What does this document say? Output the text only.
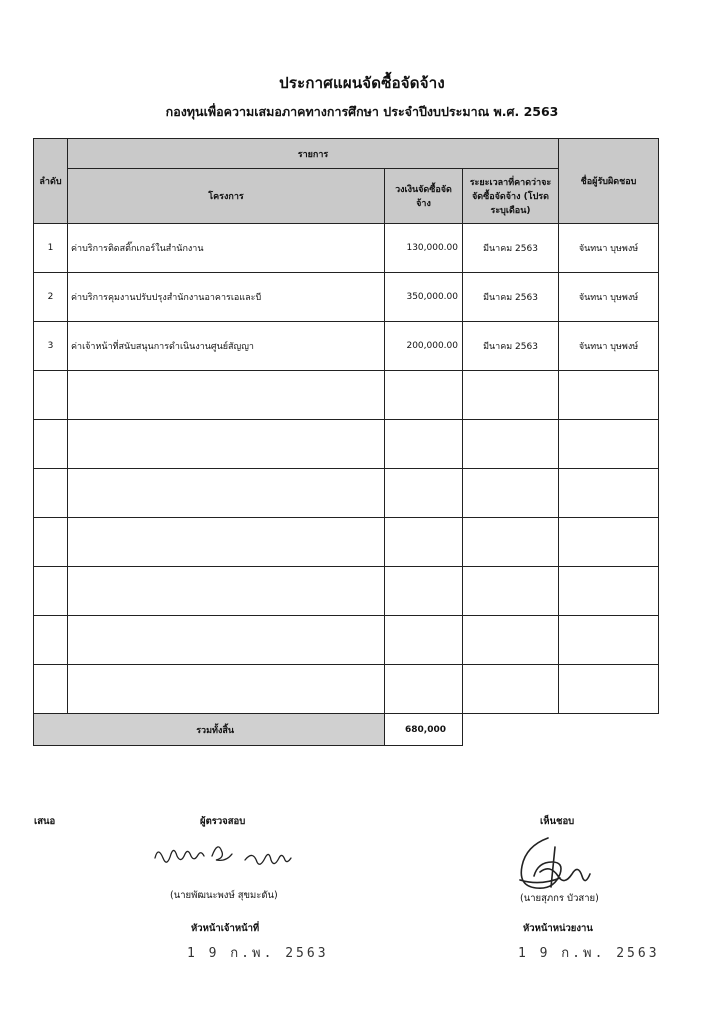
ประกาศแผนจัดซื้อจัดจ้าง
กองทุนเพื่อความเสมอภาคทางการศึกษา ประจำปีงบประมาณ พ.ศ. 2563
ลำดับ	รายการ			ชื่อผู้รับผิดชอบ
	โครงการ	วงเงินจัดซื้อจัดจ้าง	ระยะเวลาที่คาดว่าจะจัดซื้อจัดจ้าง (โปรดระบุเดือน)	
1	ค่าบริการติดสติ๊กเกอร์ในสำนักงาน	130,000.00	มีนาคม 2563	จันทนา บุษพงษ์
2	ค่าบริการคุมงานปรับปรุงสำนักงานอาคารเอและบี	350,000.00	มีนาคม 2563	จันทนา บุษพงษ์
3	ค่าเจ้าหน้าที่สนับสนุนการดำเนินงานศูนย์สัญญา	200,000.00	มีนาคม 2563	จันทนา บุษพงษ์

รวมทั้งสิ้น		680,000		
เสนอ	ผู้ตรวจสอบ	เห็นชอบ
(นายพัฒนะพงษ์ สุขมะดัน)	(นายสุภกร บัวสาย)
หัวหน้าเจ้าหน้าที่	หัวหน้าหน่วยงาน
1 9 ก.พ. 2563	1 9 ก.พ. 2563
